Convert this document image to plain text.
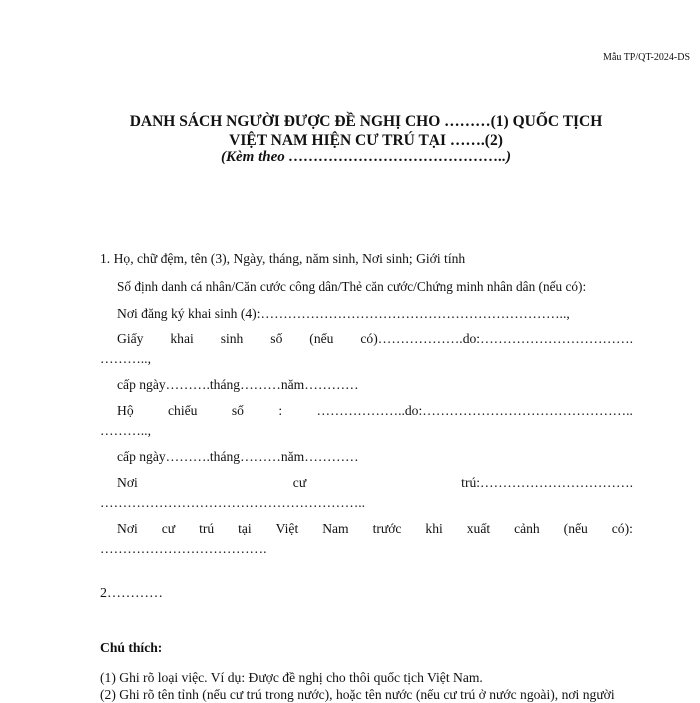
Mẫu TP/QT-2024-DS
DANH SÁCH NGƯỜI ĐƯỢC ĐỀ NGHỊ CHO ………(1) QUỐC TỊCH
VIỆT NAM HIỆN CƯ TRÚ TẠI …….(2)
(Kèm theo ……………………………………..)
1. Họ, chữ đệm, tên (3), Ngày, tháng, năm sinh, Nơi sinh; Giới tính
Số định danh cá nhân/Căn cước công dân/Thẻ căn cước/Chứng minh nhân dân (nếu có):
Nơi đăng ký khai sinh (4):…………………………………………………………..,
Giấy khai sinh số (nếu có)……………….do:…………………………….
………..,
cấp ngày……….tháng………năm…………
Hộ	chiếu	số	:	………………..do:………………………………………..
………..,
cấp ngày……….tháng………năm…………
Nơi	cư	trú:…………………………….
…………………………………………………..
Nơi cư trú tại Việt Nam trước khi xuất cảnh (nếu có):
……………………………….
2…………
Chú thích:
(1) Ghi rõ loại việc. Ví dụ: Được đề nghị cho thôi quốc tịch Việt Nam.
(2) Ghi rõ tên tỉnh (nếu cư trú trong nước), hoặc tên nước (nếu cư trú ở nước ngoài), nơi người
